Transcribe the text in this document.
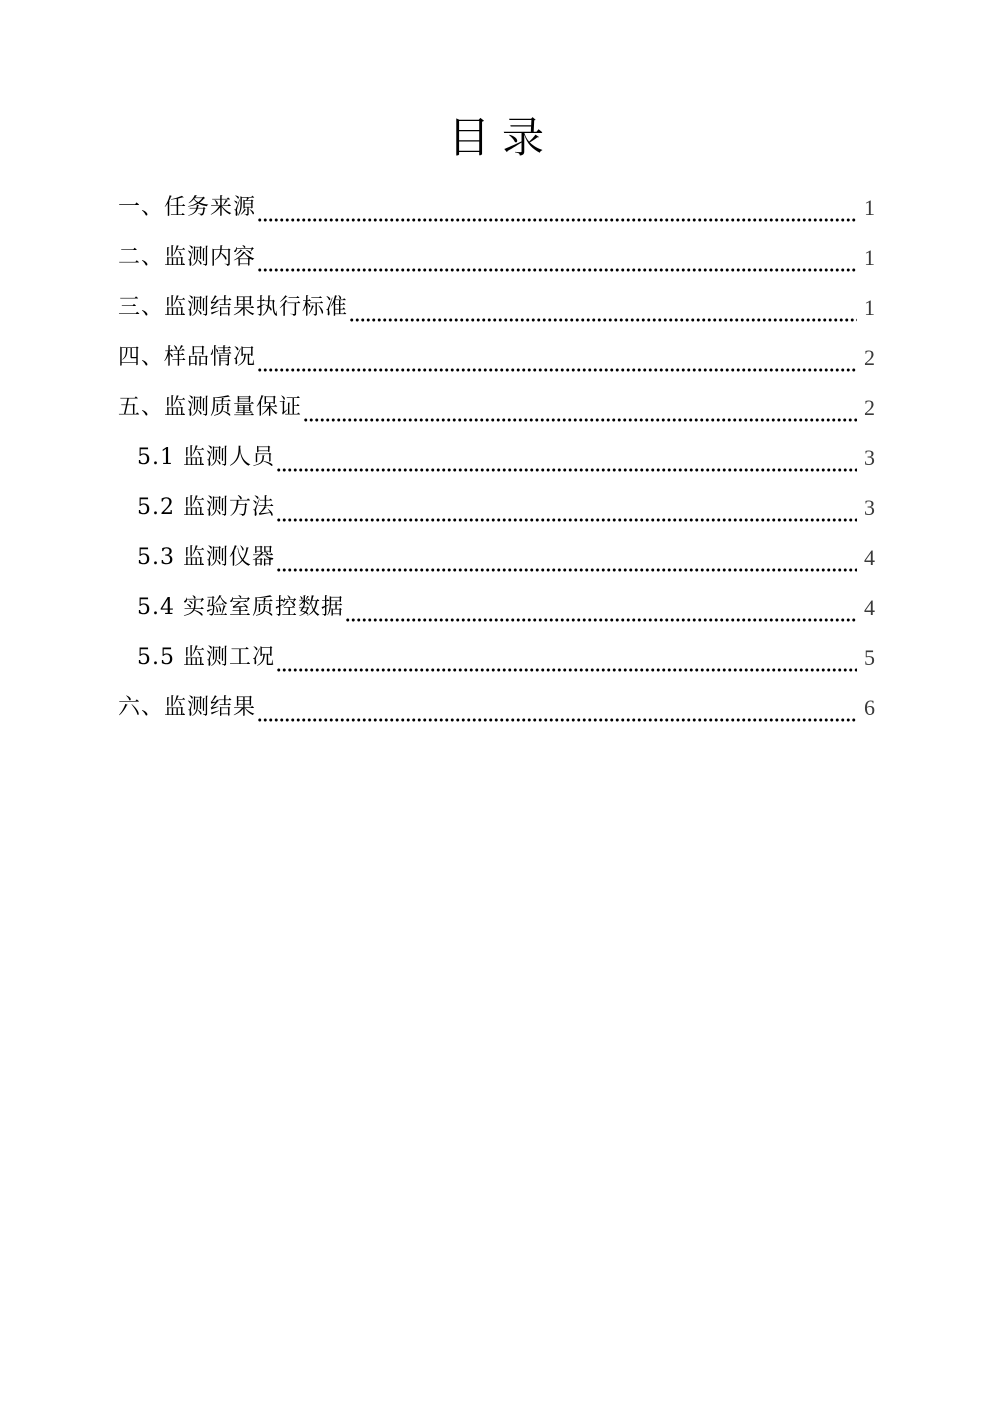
目录
一、任务来源	1
二、监测内容	1
三、监测结果执行标准	1
四、样品情况	2
五、监测质量保证	2
5.1 监测人员	3
5.2 监测方法	3
5.3 监测仪器	4
5.4 实验室质控数据	4
5.5 监测工况	5
六、监测结果	6
